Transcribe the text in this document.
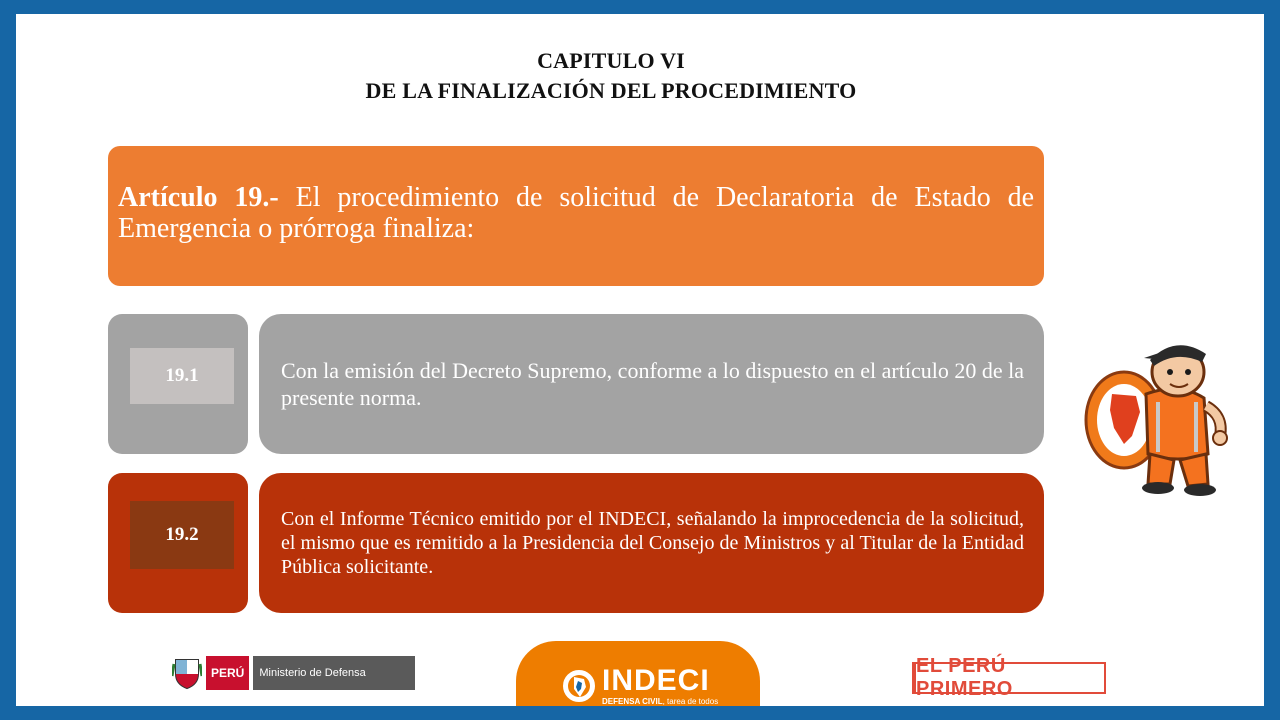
CAPITULO VI
DE LA FINALIZACIÓN DEL PROCEDIMIENTO
Artículo 19.- El procedimiento de solicitud de Declaratoria de Estado de Emergencia o prórroga finaliza:
19.1	Con la emisión del Decreto Supremo, conforme a lo dispuesto en el artículo 20 de la presente norma.
19.2
Con el Informe Técnico emitido por el INDECI, señalando la improcedencia de la solicitud, el mismo que es remitido a la Presidencia del Consejo de Ministros y al Titular de la Entidad Pública solicitante.
PERÚ	Ministerio de Defensa	INDECI
DEFENSA CIVIL, tarea de todos
EL PERÚ PRIMERO
